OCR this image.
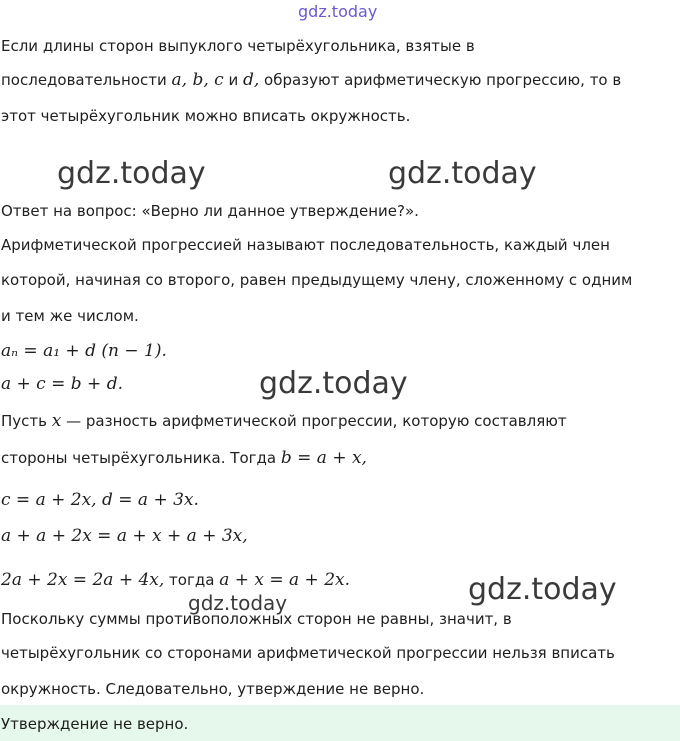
gdz.today
Если длины сторон выпуклого четырёхугольника, взятые в
последовательности a, b, c и d, образуют арифметическую прогрессию, то в
этот четырёхугольник можно вписать окружность.
gdz.today	gdz.today
Ответ на вопрос: «Верно ли данное утверждение?».
Арифметической прогрессией называют последовательность, каждый член
которой, начиная со второго, равен предыдущему члену, сложенному с одним
и тем же числом.
aₙ = a₁ + d (n − 1).
a + c = b + d.	gdz.today
Пусть x — разность арифметической прогрессии, которую составляют
стороны четырёхугольника. Тогда b = a + x,
c = a + 2x, d = a + 3x.
a + a + 2x = a + x + a + 3x,
2a + 2x = 2a + 4x, тогда a + x = a + 2x.	gdz.today
gdz.today
Поскольку суммы противоположных сторон не равны, значит, в
четырёхугольник со сторонами арифметической прогрессии нельзя вписать
окружность. Следовательно, утверждение не верно.
Утверждение не верно.
